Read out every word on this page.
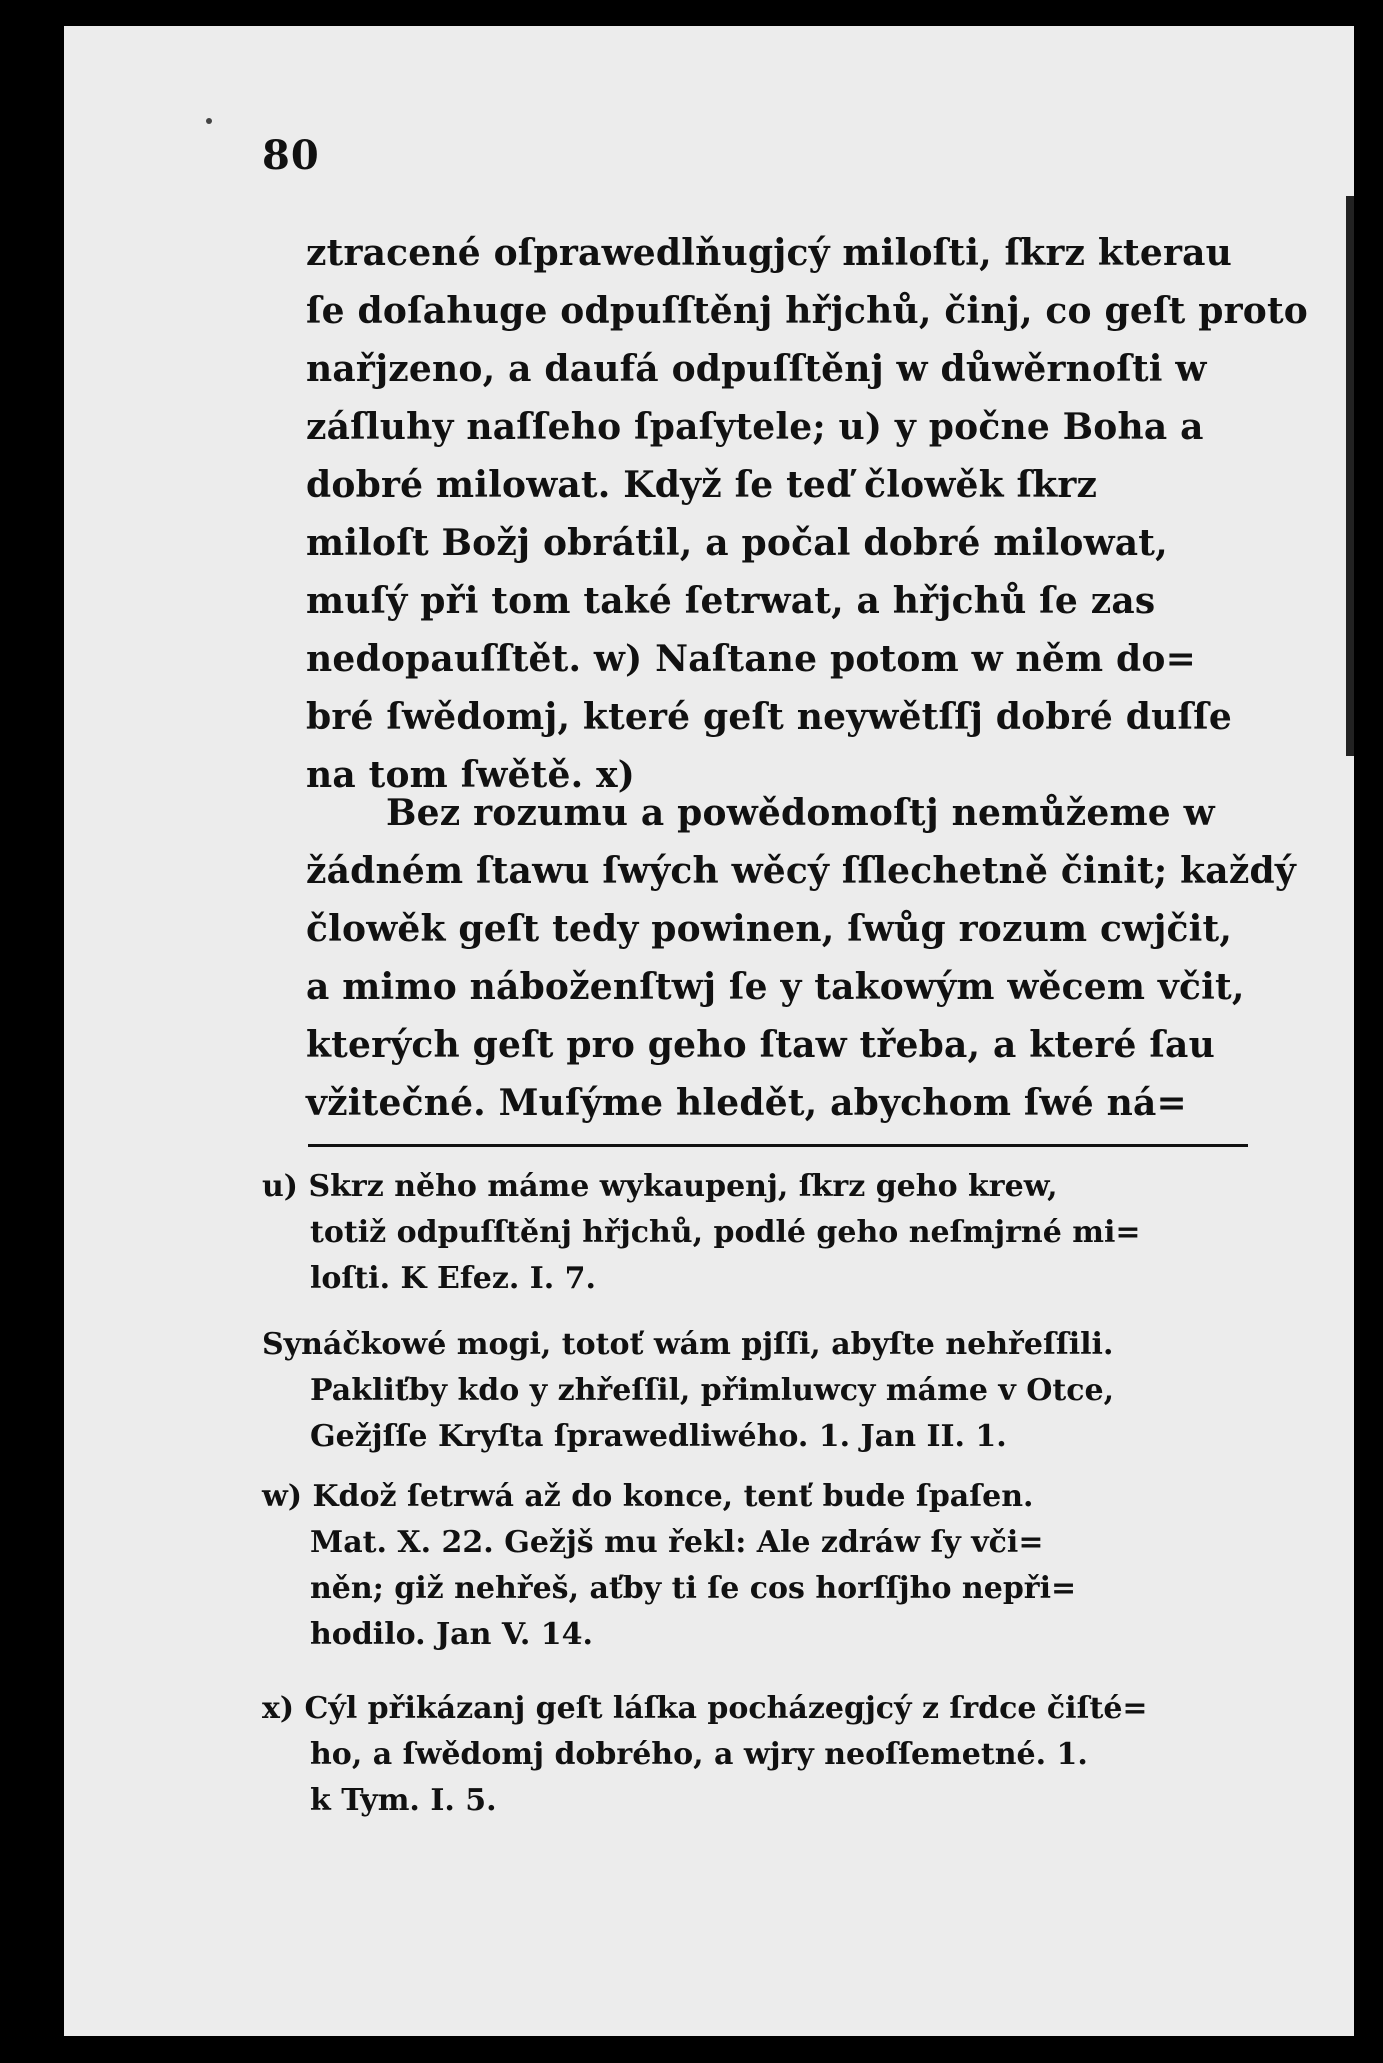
80
ztracené oſprawedlňugjcý miloſti, ſkrz kterau
ſe doſahuge odpuſſtěnj hřjchů, činj, co geſt proto
nařjzeno, a daufá odpuſſtěnj w důwěrnoſti w
záſluhy naſſeho ſpaſytele; u) y počne Boha a
dobré milowat. Když ſe teď člowěk ſkrz
miloſt Božj obrátil, a počal dobré milowat,
muſý při tom také ſetrwat, a hřjchů ſe zas
nedopauſſtět. w) Naſtane potom w něm do=
bré ſwědomj, které geſt neywětſſj dobré duſſe
na tom ſwětě. x)
Bez rozumu a powědomoſtj nemůžeme w
žádném ſtawu ſwých wěcý ſſlechetně činit; každý
člowěk geſt tedy powinen, ſwůg rozum cwjčit,
a mimo náboženſtwj ſe y takowým wěcem včit,
kterých geſt pro geho ſtaw třeba, a které ſau
vžitečné. Muſýme hledět, abychom ſwé ná=
u) Skrz něho máme wykaupenj, ſkrz geho krew,
totiž odpuſſtěnj hřjchů, podlé geho neſmjrné mi=
loſti. K Efez. I. 7.
Synáčkowé mogi, totoť wám pjſſi, abyſte nehřeſſili.
Pakliťby kdo y zhřeſſil, přimluwcy máme v Otce,
Gežjſſe Kryſta ſprawedliwého. 1. Jan II. 1.
w) Kdož ſetrwá až do konce, tenť bude ſpaſen.
Mat. X. 22. Gežjš mu řekl: Ale zdráw ſy vči=
něn; giž nehřeš, aťby ti ſe cos horſſjho nepři=
hodilo. Jan V. 14.
x) Cýl přikázanj geſt láſka pocházegjcý z ſrdce čiſté=
ho, a ſwědomj dobrého, a wjry neoſſemetné. 1.
k Tym. I. 5.
